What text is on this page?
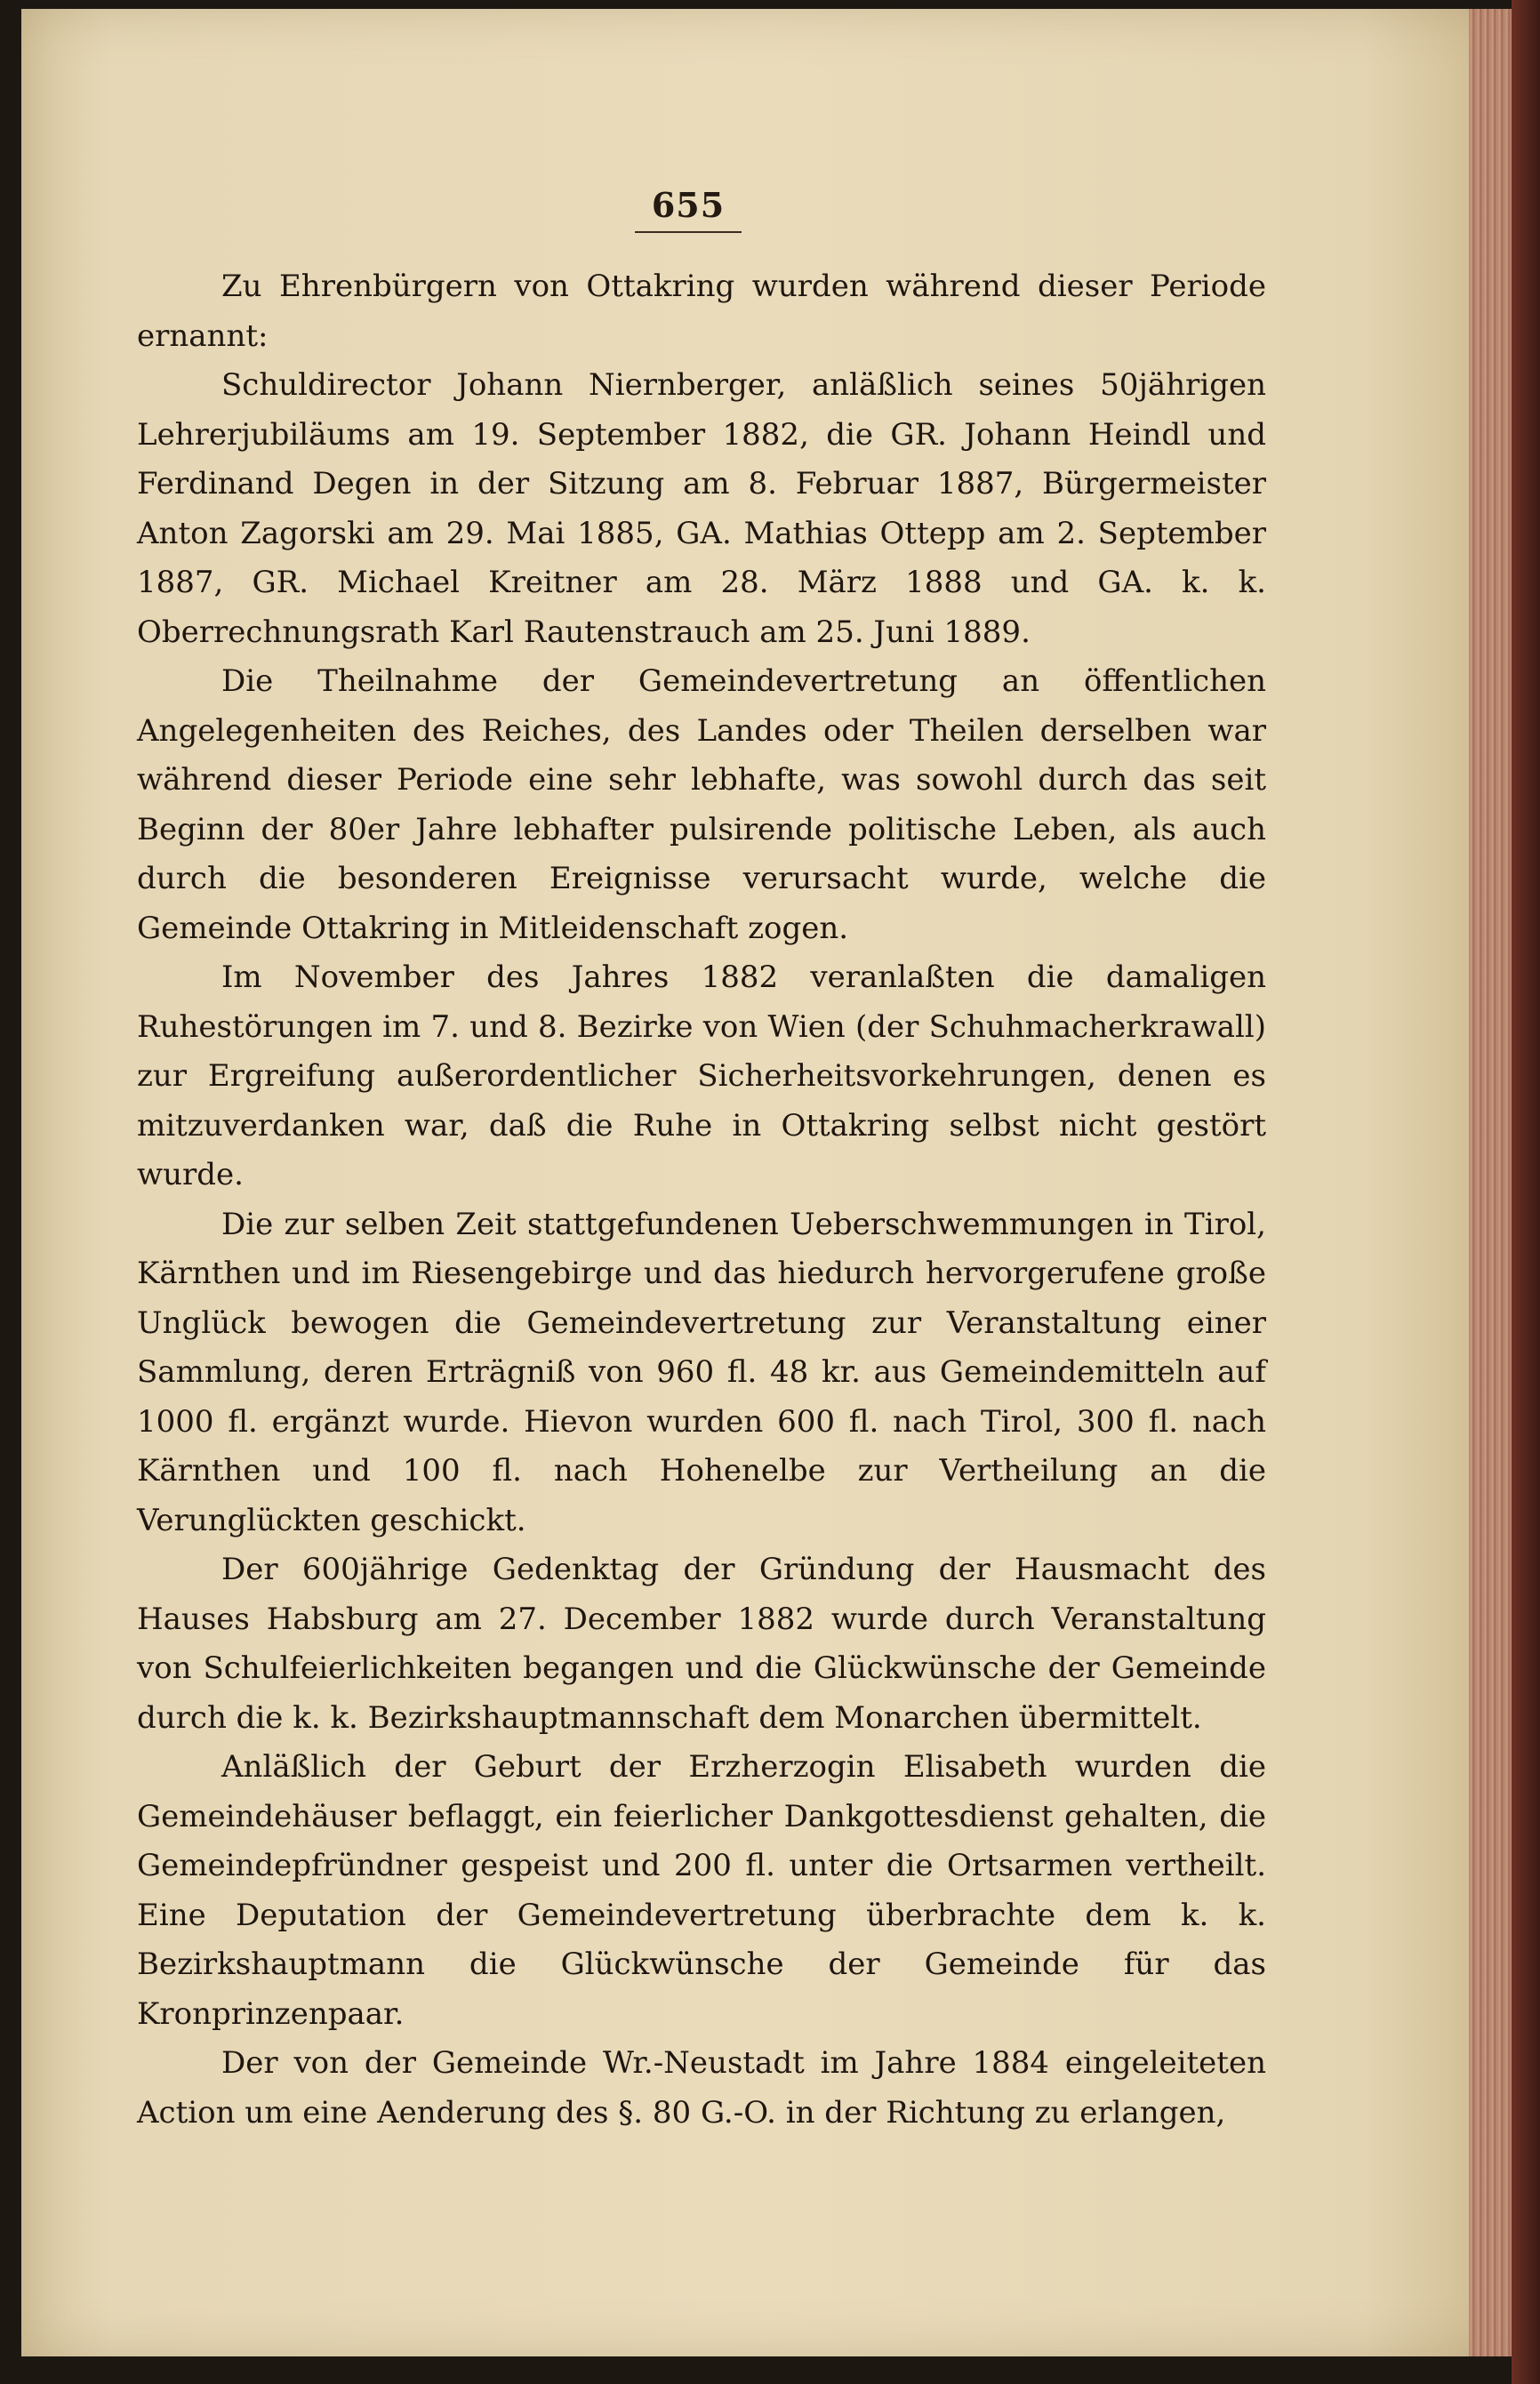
655

Zu Ehrenbürgern von Ottakring wurden während dieser Periode ernannt:

Schuldirector Johann Niernberger, anläßlich seines 50jährigen Lehrerjubiläums am 19. September 1882, die GR. Johann Heindl und Ferdinand Degen in der Sitzung am 8. Februar 1887, Bürgermeister Anton Zagorski am 29. Mai 1885, GA. Mathias Ottepp am 2. September 1887, GR. Michael Kreitner am 28. März 1888 und GA. k. k. Oberrechnungsrath Karl Rautenstrauch am 25. Juni 1889.

Die Theilnahme der Gemeindevertretung an öffentlichen Angelegenheiten des Reiches, des Landes oder Theilen derselben war während dieser Periode eine sehr lebhafte, was sowohl durch das seit Beginn der 80er Jahre lebhafter pulsirende politische Leben, als auch durch die besonderen Ereignisse verursacht wurde, welche die Gemeinde Ottakring in Mitleidenschaft zogen.

Im November des Jahres 1882 veranlaßten die damaligen Ruhestörungen im 7. und 8. Bezirke von Wien (der Schuhmacherkrawall) zur Ergreifung außerordentlicher Sicherheitsvorkehrungen, denen es mitzuverdanken war, daß die Ruhe in Ottakring selbst nicht gestört wurde.

Die zur selben Zeit stattgefundenen Ueberschwemmungen in Tirol, Kärnthen und im Riesengebirge und das hiedurch hervorgerufene große Unglück bewogen die Gemeindevertretung zur Veranstaltung einer Sammlung, deren Erträgniß von 960 fl. 48 kr. aus Gemeindemitteln auf 1000 fl. ergänzt wurde. Hievon wurden 600 fl. nach Tirol, 300 fl. nach Kärnthen und 100 fl. nach Hohenelbe zur Vertheilung an die Verunglückten geschickt.

Der 600jährige Gedenktag der Gründung der Hausmacht des Hauses Habsburg am 27. December 1882 wurde durch Veranstaltung von Schulfeierlichkeiten begangen und die Glückwünsche der Gemeinde durch die k. k. Bezirkshauptmannschaft dem Monarchen übermittelt.

Anläßlich der Geburt der Erzherzogin Elisabeth wurden die Gemeindehäuser beflaggt, ein feierlicher Dankgottesdienst gehalten, die Gemeindepfründner gespeist und 200 fl. unter die Ortsarmen vertheilt. Eine Deputation der Gemeindevertretung überbrachte dem k. k. Bezirkshauptmann die Glückwünsche der Gemeinde für das Kronprinzenpaar.

Der von der Gemeinde Wr.-Neustadt im Jahre 1884 eingeleiteten Action um eine Aenderung des §. 80 G.-O. in der Richtung zu erlangen,
